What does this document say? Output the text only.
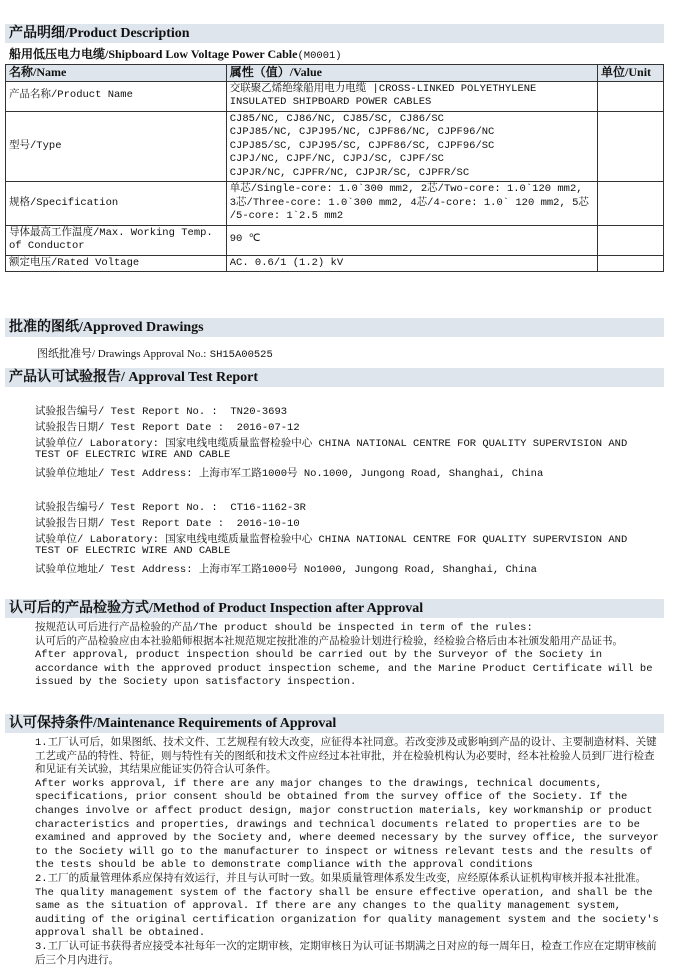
产品明细/Product Description
船用低压电力电缆/Shipboard Low Voltage Power Cable(M0001)
名称/Name	属性（值）/Value	单位/Unit
产品名称/Product Name	交联聚乙烯绝缘船用电力电缆 |CROSS-LINKED POLYETHYLENE
INSULATED SHIPBOARD POWER CABLES	

型号/Type	CJ85/NC, CJ86/NC, CJ85/SC, CJ86/SC
CJPJ85/NC, CJPJ95/NC, CJPF86/NC, CJPF96/NC
CJPJ85/SC, CJPJ95/SC, CJPF86/SC, CJPF96/SC
CJPJ/NC, CJPF/NC, CJPJ/SC, CJPF/SC
CJPJR/NC, CJPFR/NC, CJPJR/SC, CJPFR/SC	

规格/Specification	单芯/Single-core: 1.0`300 mm2, 2芯/Two-core: 1.0`120 mm2,
3芯/Three-core: 1.0`300 mm2, 4芯/4-core: 1.0` 120 mm2, 5芯
/5-core: 1`2.5 mm2	

导体最高工作温度/Max. Working Temp. of Conductor	90 ℃	

额定电压/Rated Voltage	AC. 0.6/1 (1.2) kV	

批准的图纸/Approved Drawings
图纸批准号/ Drawings Approval No.: SH15A00525
产品认可试验报告/ Approval Test Report
试验报告编号/ Test Report No. : TN20-3693
试验报告日期/ Test Report Date : 2016-07-12
试验单位/ Laboratory: 国家电线电缆质量监督检验中心 CHINA NATIONAL CENTRE FOR QUALITY SUPERVISION AND
TEST OF ELECTRIC WIRE AND CABLE
试验单位地址/ Test Address: 上海市军工路1000号 No.1000, Jungong Road, Shanghai, China
试验报告编号/ Test Report No. : CT16-1162-3R
试验报告日期/ Test Report Date : 2016-10-10
试验单位/ Laboratory: 国家电线电缆质量监督检验中心 CHINA NATIONAL CENTRE FOR QUALITY SUPERVISION AND
TEST OF ELECTRIC WIRE AND CABLE
试验单位地址/ Test Address: 上海市军工路1000号 No1000, Jungong Road, Shanghai, China
认可后的产品检验方式/Method of Product Inspection after Approval

按规范认可后进行产品检验的产品/The product should be inspected in term of the rules:

认可后的产品检验应由本社验船师根据本社规范规定按批准的产品检验计划进行检验，经检验合格后由本社颁发船用产品证书。

After approval, product inspection should be carried out by the Surveyor of the Society in accordance with the approved product inspection scheme, and the Marine Product Certificate will be issued by the Society upon satisfactory inspection.

认可保持条件/Maintenance Requirements of Approval

1.工厂认可后，如果图纸、技术文件、工艺规程有较大改变，应征得本社同意。若改变涉及或影响到产品的设计、主要制造材料、关键工艺或产品的特性、特征，则与特性有关的图纸和技术文件应经过本社审批，并在检验机构认为必要时，经本社检验人员到厂进行检查和见证有关试验，其结果应能证实仍符合认可条件。

After works approval, if there are any major changes to the drawings, technical documents, specifications, prior consent should be obtained from the survey office of the Society. If the changes involve or affect product design, major construction materials, key workmanship or product characteristics and properties, drawings and technical documents related to properties are to be examined and approved by the Society and, where deemed necessary by the survey office, the surveyor to the Society will go to the manufacturer to inspect or witness relevant tests and the results of the tests should be able to demonstrate compliance with the approval conditions

2.工厂的质量管理体系应保持有效运行，并且与认可时一致。如果质量管理体系发生改变，应经原体系认证机构审核并报本社批准。

The quality management system of the factory shall be ensure effective operation, and shall be the same as the situation of approval. If there are any changes to the quality management system, auditing of the original certification organization for quality management system and the society's approval shall be obtained.

3.工厂认可证书获得者应接受本社每年一次的定期审核，定期审核日为认可证书期满之日对应的每一周年日，检查工作应在定期审核前后三个月内进行。
